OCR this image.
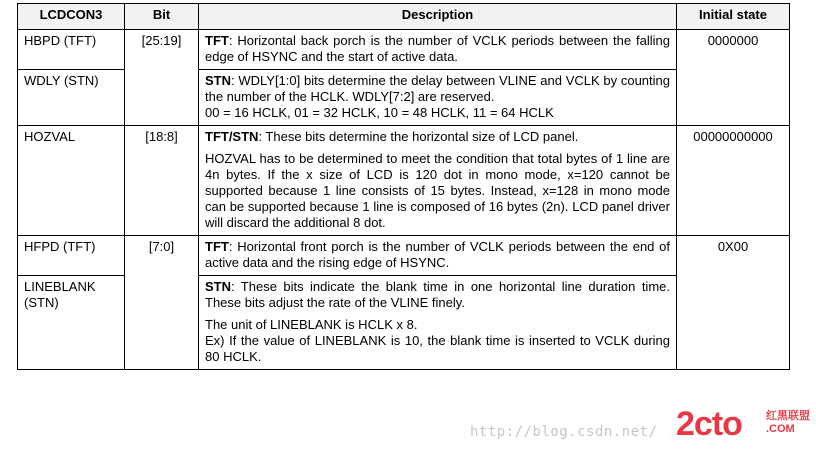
LCDCON3	Bit	Description	Initial state
HBPD (TFT)	[25:19]	TFT: Horizontal back porch is the number of VCLK periods between the falling edge of HSYNC and the start of active data.	0000000
WDLY (STN)		STN: WDLY[1:0] bits determine the delay between VLINE and VCLK by counting the number of the HCLK. WDLY[7:2] are reserved.
00 = 16 HCLK, 01 = 32 HCLK, 10 = 48 HCLK, 11 = 64 HCLK	

HOZVAL	[18:8]	TFT/STN: These bits determine the horizontal size of LCD panel.

HOZVAL has to be determined to meet the condition that total bytes of 1 line are 4n bytes. If the x size of LCD is 120 dot in mono mode, x=120 cannot be supported because 1 line consists of 15 bytes. Instead, x=128 in mono mode can be supported because 1 line is composed of 16 bytes (2n). LCD panel driver will discard the additional 8 dot.	00000000000
HFPD (TFT)	[7:0]	TFT: Horizontal front porch is the number of VCLK periods between the end of active data and the rising edge of HSYNC.	0X00
LINEBLANK (STN)		STN: These bits indicate the blank time in one horizontal line duration time. These bits adjust the rate of the VLINE finely.

The unit of LINEBLANK is HCLK x 8.
Ex) If the value of LINEBLANK is 10, the blank time is inserted to VCLK during 80 HCLK.	

http://blog.csdn.net/ 2cto 红黑联盟 .COM
